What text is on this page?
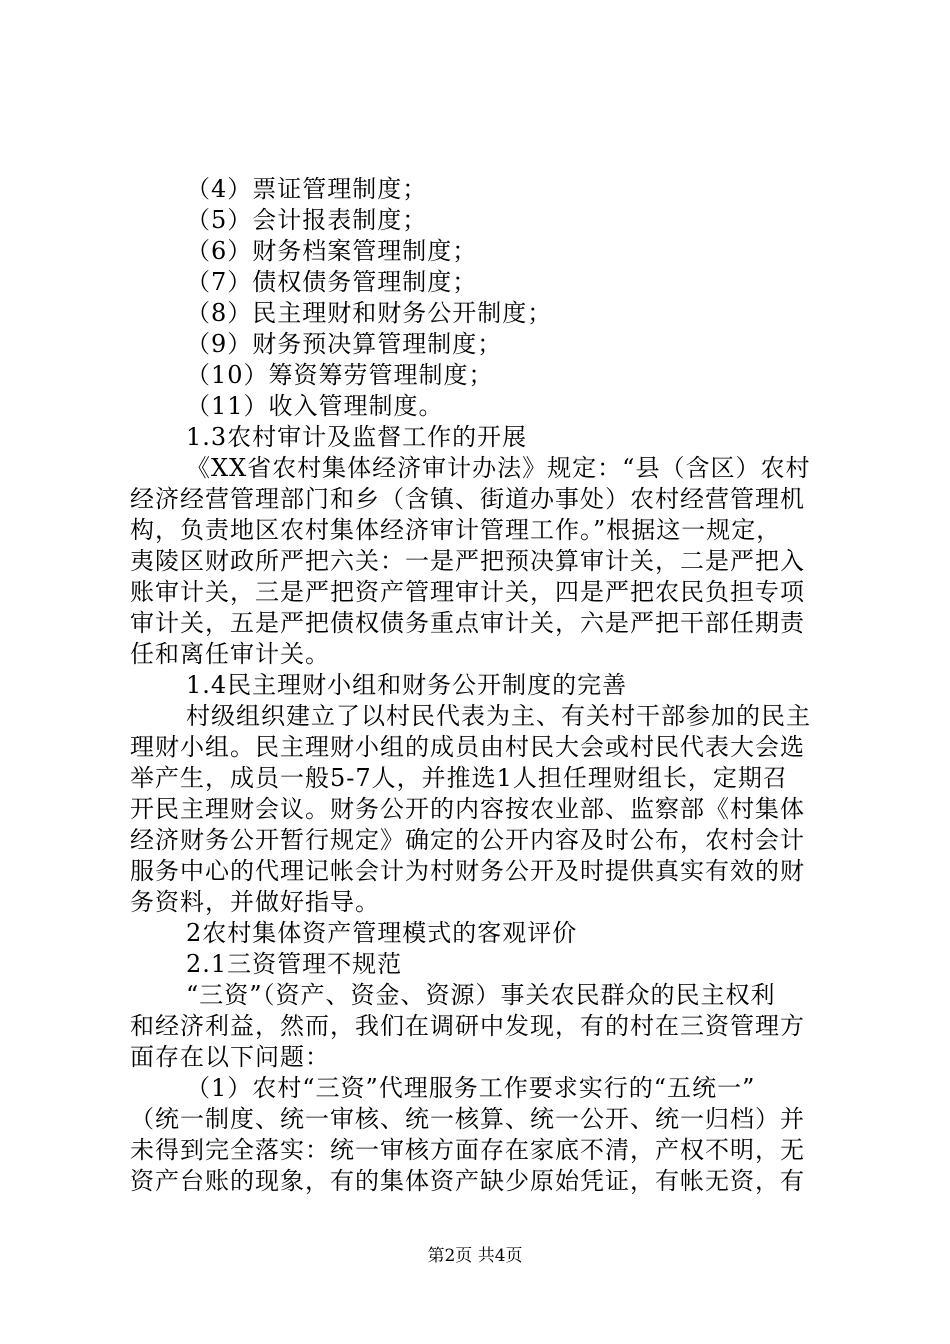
（4）票证管理制度；
（5）会计报表制度；
（6）财务档案管理制度；
（7）债权债务管理制度；
（8）民主理财和财务公开制度；
（9）财务预决算管理制度；
（10）筹资筹劳管理制度；
（11）收入管理制度。
1.3农村审计及监督工作的开展
《XX省农村集体经济审计办法》规定：“县（含区）农村
经济经营管理部门和乡（含镇、街道办事处）农村经营管理机
构，负责地区农村集体经济审计管理工作。”根据这一规定，
夷陵区财政所严把六关：一是严把预决算审计关，二是严把入
账审计关，三是严把资产管理审计关，四是严把农民负担专项
审计关，五是严把债权债务重点审计关，六是严把干部任期责
任和离任审计关。
1.4民主理财小组和财务公开制度的完善
村级组织建立了以村民代表为主、有关村干部参加的民主
理财小组。民主理财小组的成员由村民大会或村民代表大会选
举产生，成员一般5-7人，并推选1人担任理财组长，定期召
开民主理财会议。财务公开的内容按农业部、监察部《村集体
经济财务公开暂行规定》确定的公开内容及时公布，农村会计
服务中心的代理记帐会计为村财务公开及时提供真实有效的财
务资料，并做好指导。
2农村集体资产管理模式的客观评价
2.1三资管理不规范
“三资”（资产、资金、资源）事关农民群众的民主权利
和经济利益，然而，我们在调研中发现，有的村在三资管理方
面存在以下问题：
（1）农村“三资”代理服务工作要求实行的“五统一”
（统一制度、统一审核、统一核算、统一公开、统一归档）并
未得到完全落实：统一审核方面存在家底不清，产权不明，无
资产台账的现象，有的集体资产缺少原始凭证，有帐无资，有
第2页 共4页
